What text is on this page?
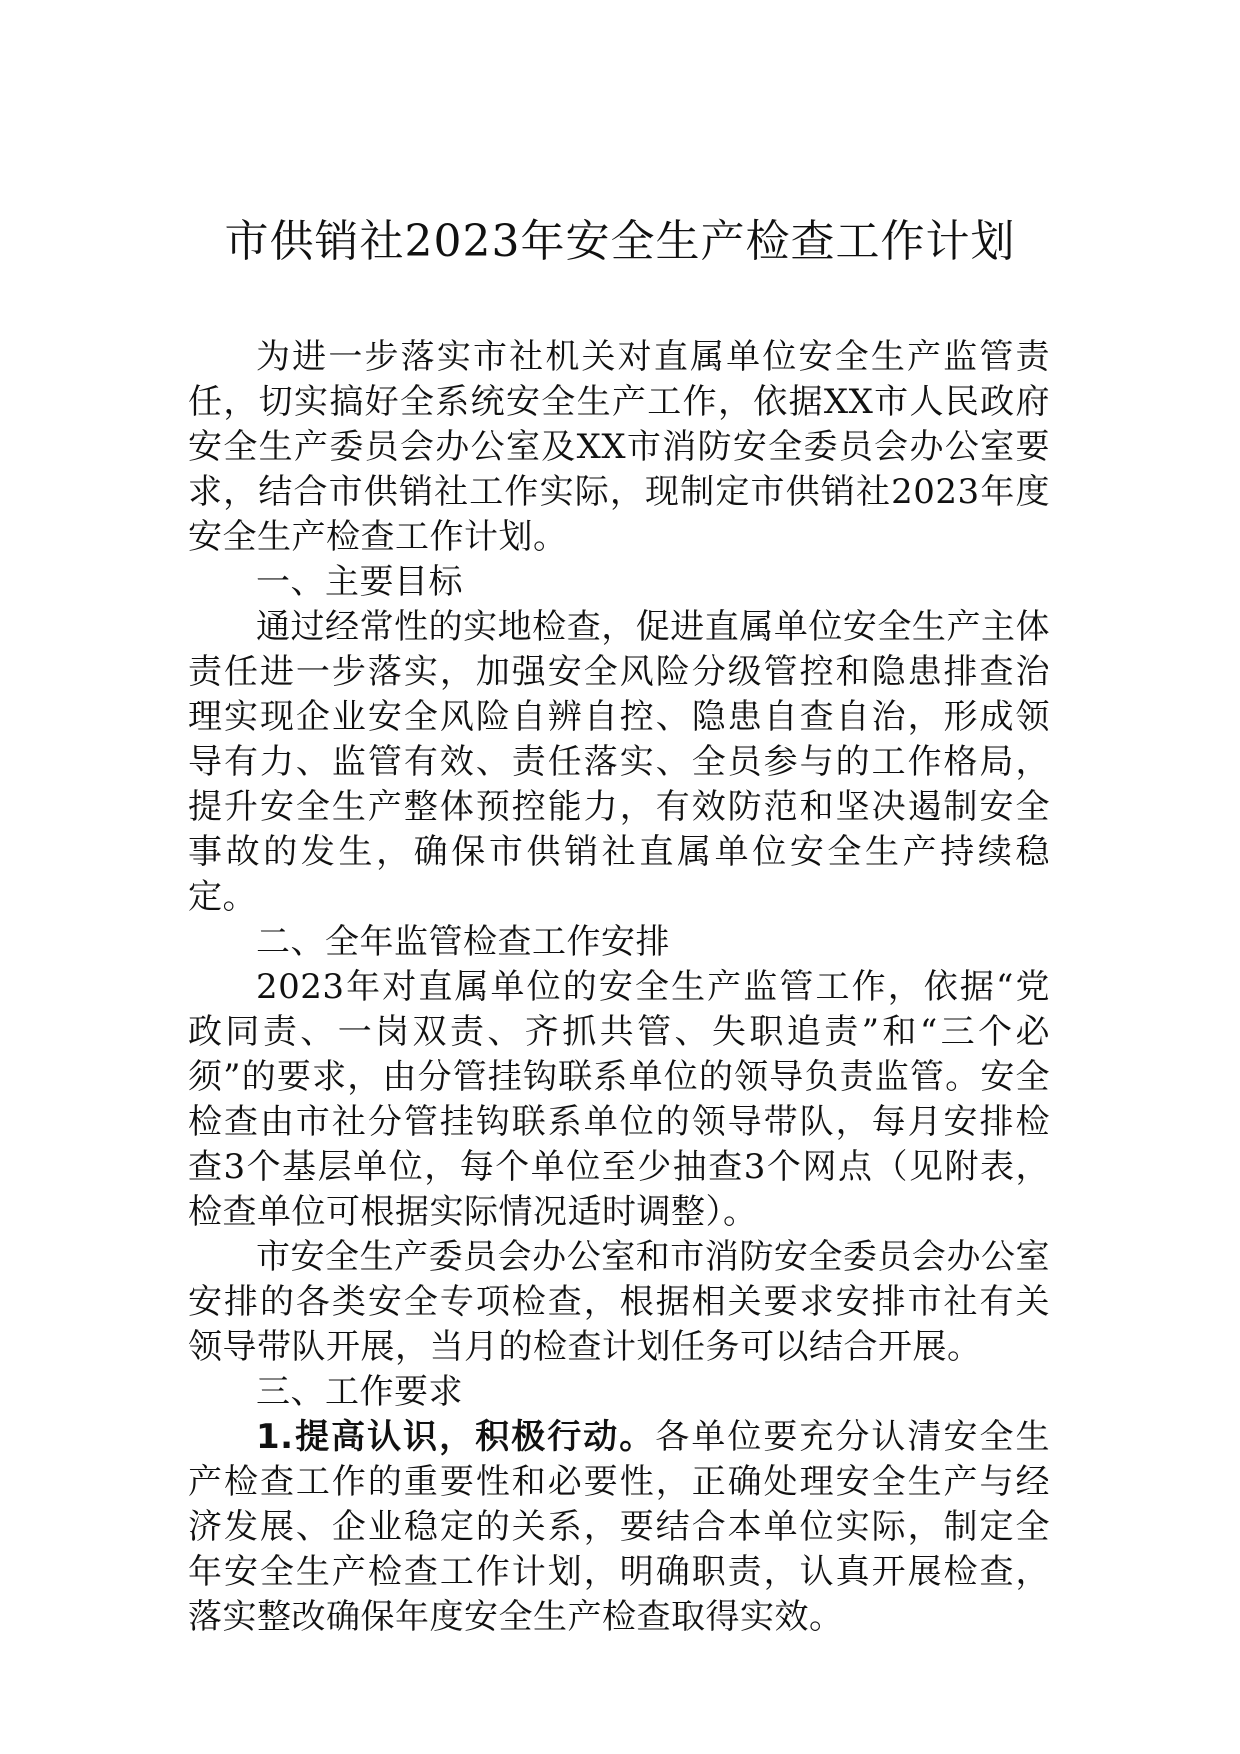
市供销社2023年安全生产检查工作计划

为进一步落实市社机关对直属单位安全生产监管责任，切实搞好全系统安全生产工作，依据XX市人民政府安全生产委员会办公室及XX市消防安全委员会办公室要求，结合市供销社工作实际，现制定市供销社2023年度安全生产检查工作计划。

一、主要目标

通过经常性的实地检查，促进直属单位安全生产主体责任进一步落实，加强安全风险分级管控和隐患排查治理实现企业安全风险自辨自控、隐患自查自治，形成领导有力、监管有效、责任落实、全员参与的工作格局，提升安全生产整体预控能力，有效防范和坚决遏制安全事故的发生，确保市供销社直属单位安全生产持续稳定。

二、全年监管检查工作安排

2023年对直属单位的安全生产监管工作，依据“党政同责、一岗双责、齐抓共管、失职追责”和“三个必须”的要求，由分管挂钩联系单位的领导负责监管。安全检查由市社分管挂钩联系单位的领导带队，每月安排检查3个基层单位，每个单位至少抽查3个网点（见附表，检查单位可根据实际情况适时调整）。

市安全生产委员会办公室和市消防安全委员会办公室安排的各类安全专项检查，根据相关要求安排市社有关领导带队开展，当月的检查计划任务可以结合开展。

三、工作要求

1.提高认识，积极行动。各单位要充分认清安全生产检查工作的重要性和必要性，正确处理安全生产与经济发展、企业稳定的关系，要结合本单位实际，制定全年安全生产检查工作计划，明确职责，认真开展检查，落实整改确保年度安全生产检查取得实效。
